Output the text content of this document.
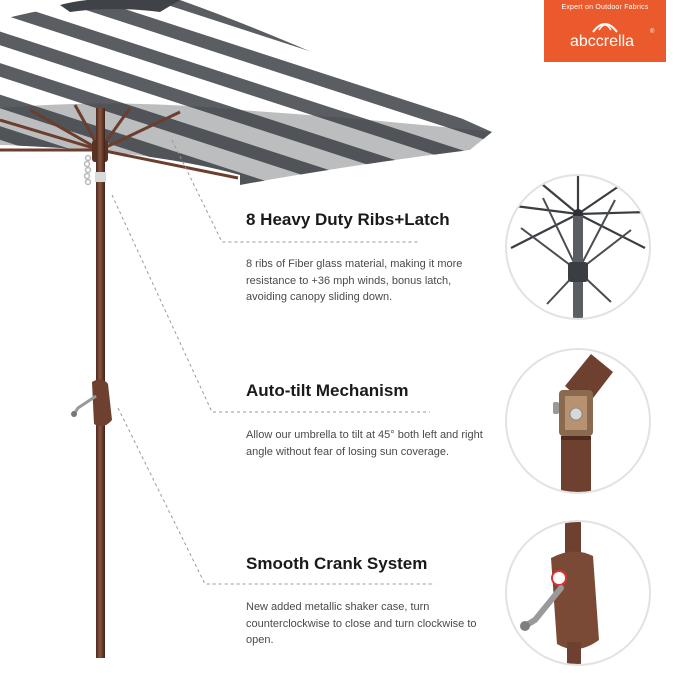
Expert on Outdoor Fabrics
abccrella
®
8 Heavy Duty Ribs+Latch
8 ribs of Fiber glass material, making it more resistance to +36 mph winds, bonus latch, avoiding canopy sliding down.
Auto-tilt Mechanism
Allow our umbrella to tilt at 45° both left and right angle without fear of losing sun coverage.
Smooth Crank System
New added metallic shaker case, turn counterclockwise to close and turn clockwise to open.
